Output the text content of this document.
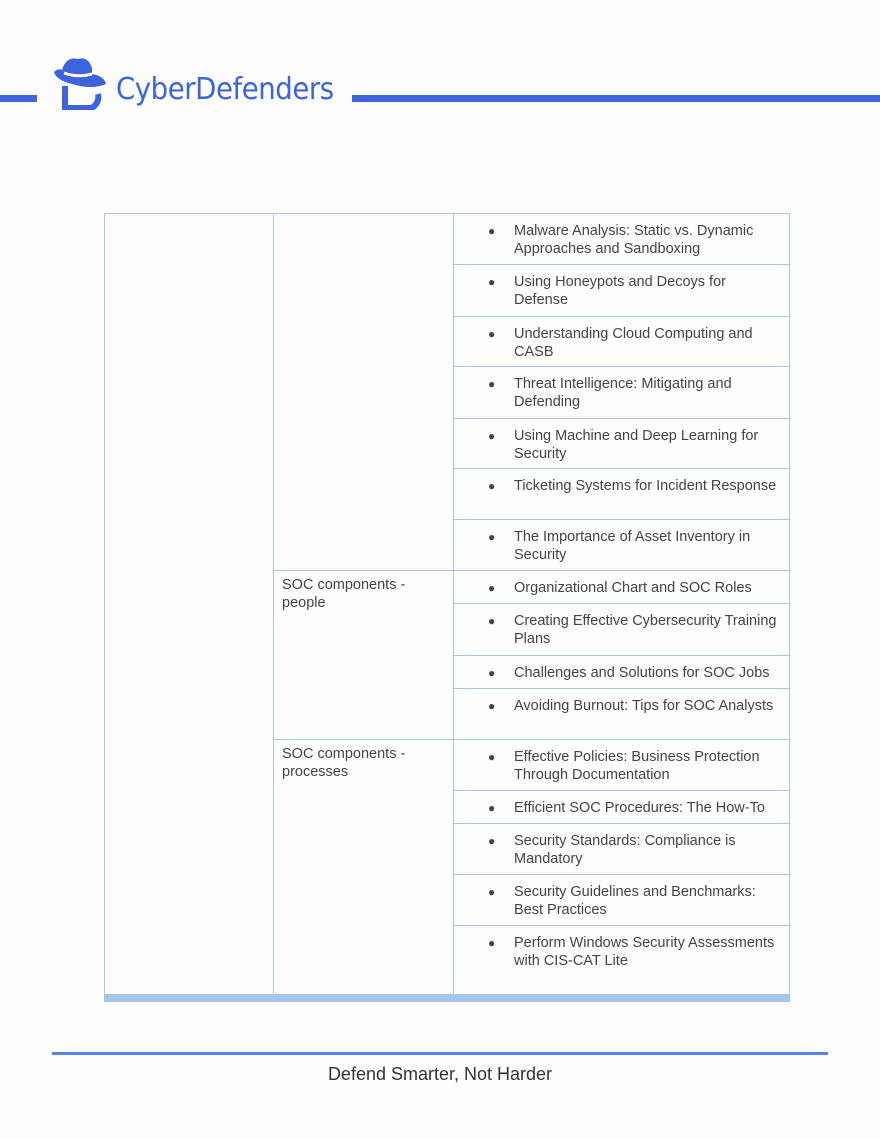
CyberDefenders
● Malware Analysis: Static vs. Dynamic Approaches and Sandboxing
● Using Honeypots and Decoys for Defense
● Understanding Cloud Computing and CASB
● Threat Intelligence: Mitigating and Defending
● Using Machine and Deep Learning for Security
● Ticketing Systems for Incident Response
● The Importance of Asset Inventory in Security
SOC components - people
● Organizational Chart and SOC Roles
● Creating Effective Cybersecurity Training Plans
● Challenges and Solutions for SOC Jobs
● Avoiding Burnout: Tips for SOC Analysts
SOC components - processes
● Effective Policies: Business Protection Through Documentation
● Efficient SOC Procedures: The How-To
● Security Standards: Compliance is Mandatory
● Security Guidelines and Benchmarks: Best Practices
● Perform Windows Security Assessments with CIS-CAT Lite
Defend Smarter, Not Harder
